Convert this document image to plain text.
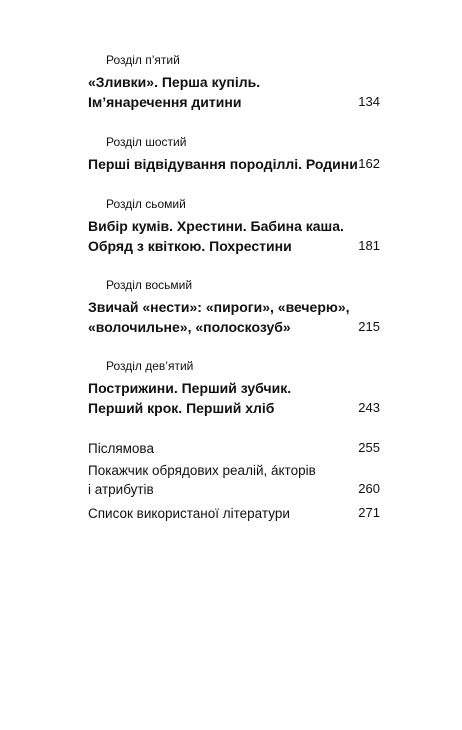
Розділ п’ятий
«Зливки». Перша купіль.
Ім’янаречення дитини	134
Розділ шостий
Перші відвідування породіллі. Родини 162
Розділ сьомий
Вибір кумів. Хрестини. Бабина каша.
Обряд з квіткою. Похрестини	181
Розділ восьмий
Звичай «нести»: «пироги», «вечерю»,
«волочильне», «полоскозуб»	215
Розділ дев’ятий
Пострижини. Перший зубчик.
Перший крок. Перший хліб	243
Післямова	255
Покажчик обрядових реалій, áкторів
і атрибутів	260
Список використаної літератури	271
